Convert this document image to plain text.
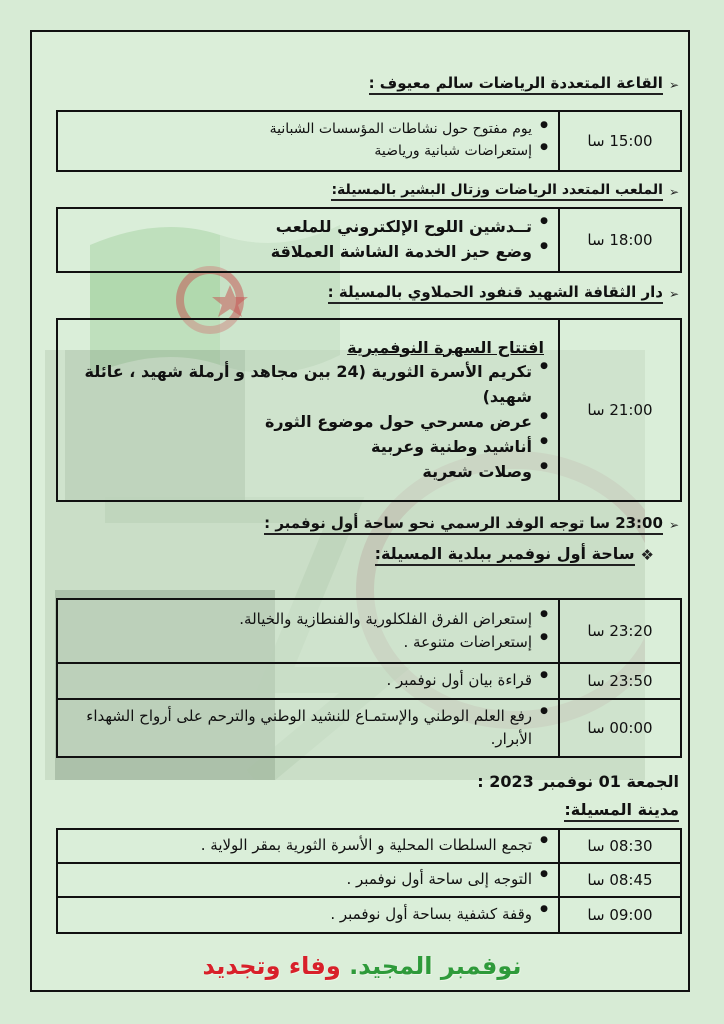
➢
القاعة المتعددة الرياضات سالم معيوف :
15:00 سا
● يوم مفتوح حول نشاطات المؤسسات الشبانية
● إستعراضات شبانية ورياضية
➢
الملعب المتعدد الرياضات وزتال البشير بالمسيلة:
18:00 سا
● تــدشين اللوح الإلكتروني للملعب
● وضع حيز الخدمة الشاشة العملاقة
➢
دار الثقافة الشهيد قنفود الحملاوي بالمسيلة :
21:00 سا
افتتاح السهرة النوفمبرية
● تكريم الأسرة الثورية (24 بين مجاهد و أرملة شهيد ، عائلة شهيد)
● عرض مسرحي حول موضوع الثورة
● أناشيد وطنية وعربية
● وصلات شعرية
➢
23:00 سا توجه الوفد الرسمي نحو ساحة أول نوفمبر :
❖
ساحة أول نوفمبر ببلدية المسيلة:
23:20 سا
● إستعراض الفرق الفلكلورية والفنطازية والخيالة.
● إستعراضات متنوعة .
23:50 سا
● قراءة بيان أول نوفمبر .
00:00 سا
● رفع العلم الوطني والإستمـاع للنشيد الوطني والترحم على أرواح الشهداء الأبرار.
الجمعة 01 نوفمبر 2023 :
مدينة المسيلة:
08:30 سا
● تجمع السلطات المحلية و الأسرة الثورية بمقر الولاية .
08:45 سا
● التوجه إلى ساحة أول نوفمبر .
09:00 سا
● وقفة كشفية بساحة أول نوفمبر .
نوفمبر المجيد. وفاء وتجديد
